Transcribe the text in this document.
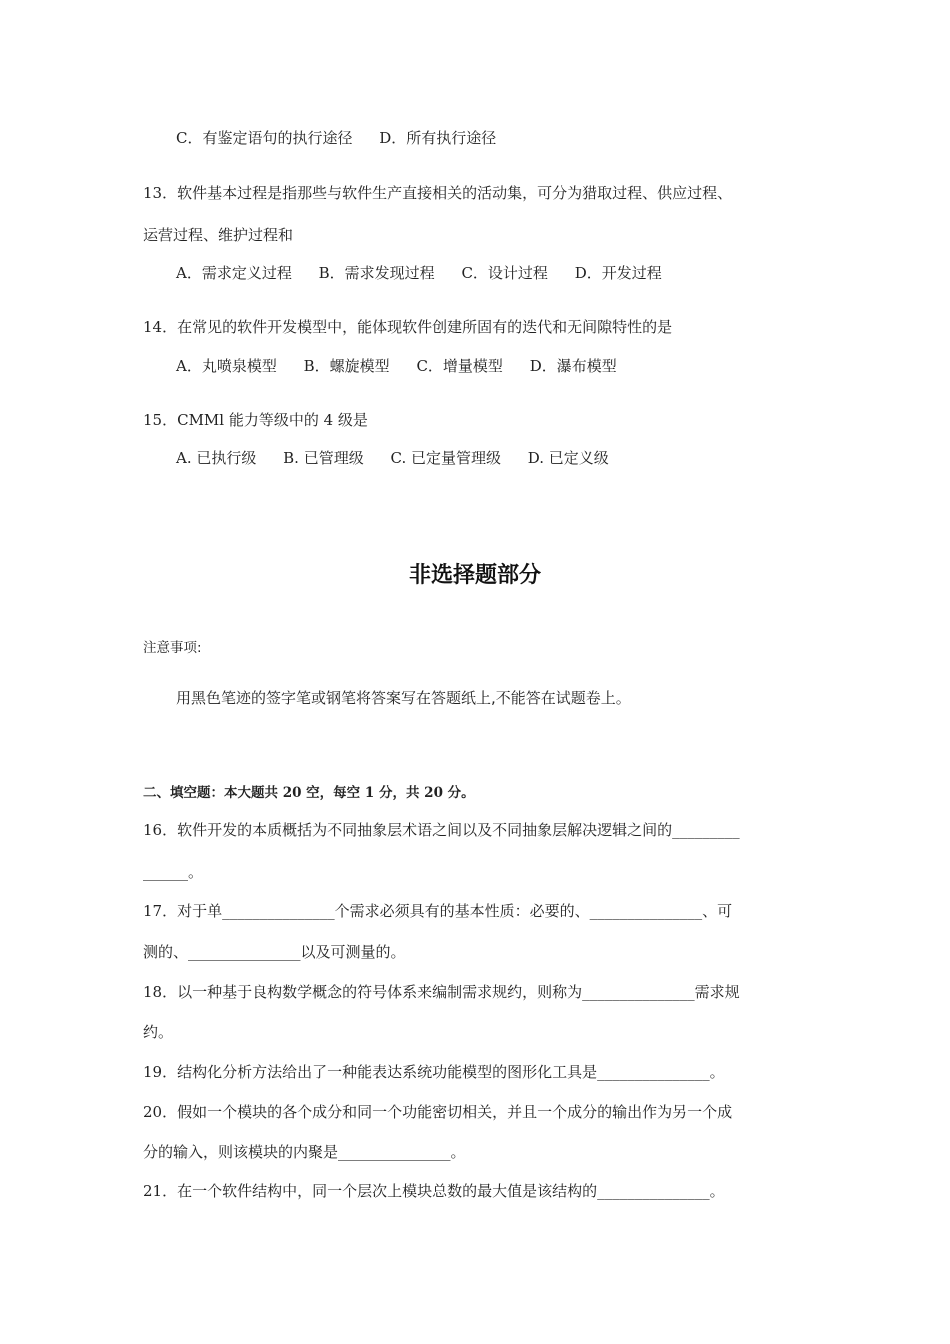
C．有鉴定语句的执行途径 D．所有执行途径
13．软件基本过程是指那些与软件生产直接相关的活动集，可分为猎取过程、供应过程、
运营过程、维护过程和
A．需求定义过程 B．需求发现过程 C．设计过程 D．开发过程
14．在常见的软件开发模型中，能体现软件创建所固有的迭代和无间隙特性的是
A．丸喷泉模型 B．螺旋模型 C．增量模型 D．瀑布模型
15．CMMl 能力等级中的 4 级是
A. 已执行级 B. 已管理级 C. 已定量管理级 D. 已定义级
非选择题部分
注意事项:
用黑色笔迹的签字笔或钢笔将答案写在答题纸上,不能答在试题卷上。
二、填空题：本大题共 20 空，每空 1 分，共 20 分。
16．软件开发的本质概括为不同抽象层术语之间以及不同抽象层解决逻辑之间的_________
______。
17．对于单_______________个需求必须具有的基本性质：必要的、_______________、可
测的、_______________以及可测量的。
18．以一种基于良构数学概念的符号体系来编制需求规约，则称为_______________需求规
约。
19．结构化分析方法给出了一种能表达系统功能模型的图形化工具是_______________。
20．假如一个模块的各个成分和同一个功能密切相关，并且一个成分的输出作为另一个成
分的输入，则该模块的内聚是_______________。
21．在一个软件结构中，同一个层次上模块总数的最大值是该结构的_______________。
